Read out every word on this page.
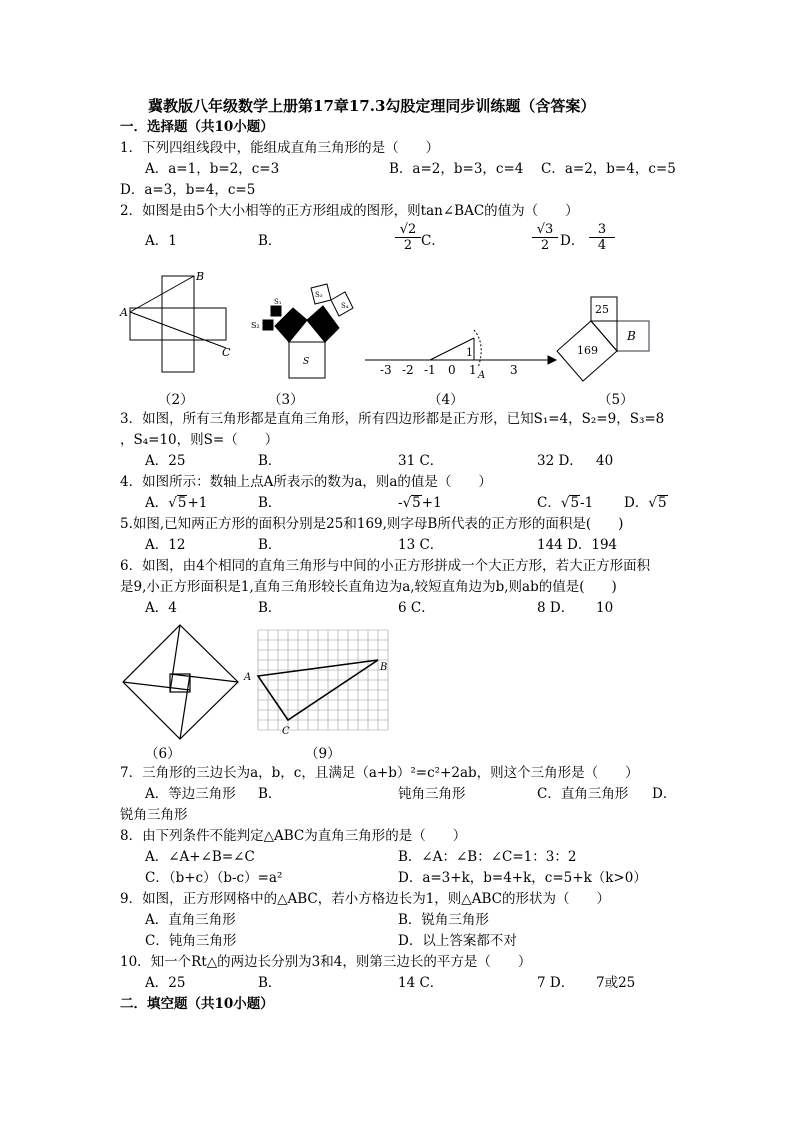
冀教版八年级数学上册第17章17.3勾股定理同步训练题（含答案）
一．选择题（共10小题）
1．下列四组线段中，能组成直角三角形的是（　　）
A．a=1，b=2，c=3	B．a=2，b=3，c=4 C．a=2，b=4，c=5
D．a=3，b=4，c=5
2．如图是由5个大小相等的正方形组成的图形，则tan∠BAC的值为（　　）
A．1	B．	$\frac{√2}{2}$ C．	$\frac{√3}{2}$ D． $\frac{3}{4}$
A
B
C
S
S₂
S₁
S₃
S₄
-3 -2 -1 0 1 A 3
1
25
B
169
（2）	（3）	（4）	（5）
3．如图，所有三角形都是直角三角形，所有四边形都是正方形，已知S₁=4，S₂=9，S₃=8
，S₄=10，则S=（　　）
A．25	B．	31 C．	32 D． 40
4．如图所示：数轴上点A所表示的数为a，则a的值是（　　）
A．√5+1	B．	-√5+1	C．√5-1 D．√5
5.如图,已知两正方形的面积分别是25和169,则字母B所代表的正方形的面积是(　　)
A．12	B．	13 C．	144 D．194
6．如图，由4个相同的直角三角形与中间的小正方形拼成一个大正方形，若大正方形面积
是9,小正方形面积是1,直角三角形较长直角边为a,较短直角边为b,则ab的值是(　　)
A．4	B．	6 C．	8 D． 10
A
B
C
（6）	（9）
7．三角形的三边长为a，b，c，且满足（a+b）²=c²+2ab，则这个三角形是（　　）
A．等边三角形 B．	钝角三角形	C．直角三角形 D．
锐角三角形
8．由下列条件不能判定△ABC为直角三角形的是（　　）
A．∠A+∠B=∠C	B．∠A：∠B：∠C=1：3：2
C．（b+c）（b-c）=a²	D．a=3+k，b=4+k，c=5+k（k>0）
9．如图，正方形网格中的△ABC，若小方格边长为1，则△ABC的形状为（　　）
A．直角三角形	B．锐角三角形
C．钝角三角形	D．以上答案都不对
10．知一个Rt△的两边长分别为3和4，则第三边长的平方是（　　）
A．25	B．	14 C．	7 D． 7或25
二．填空题（共10小题）
